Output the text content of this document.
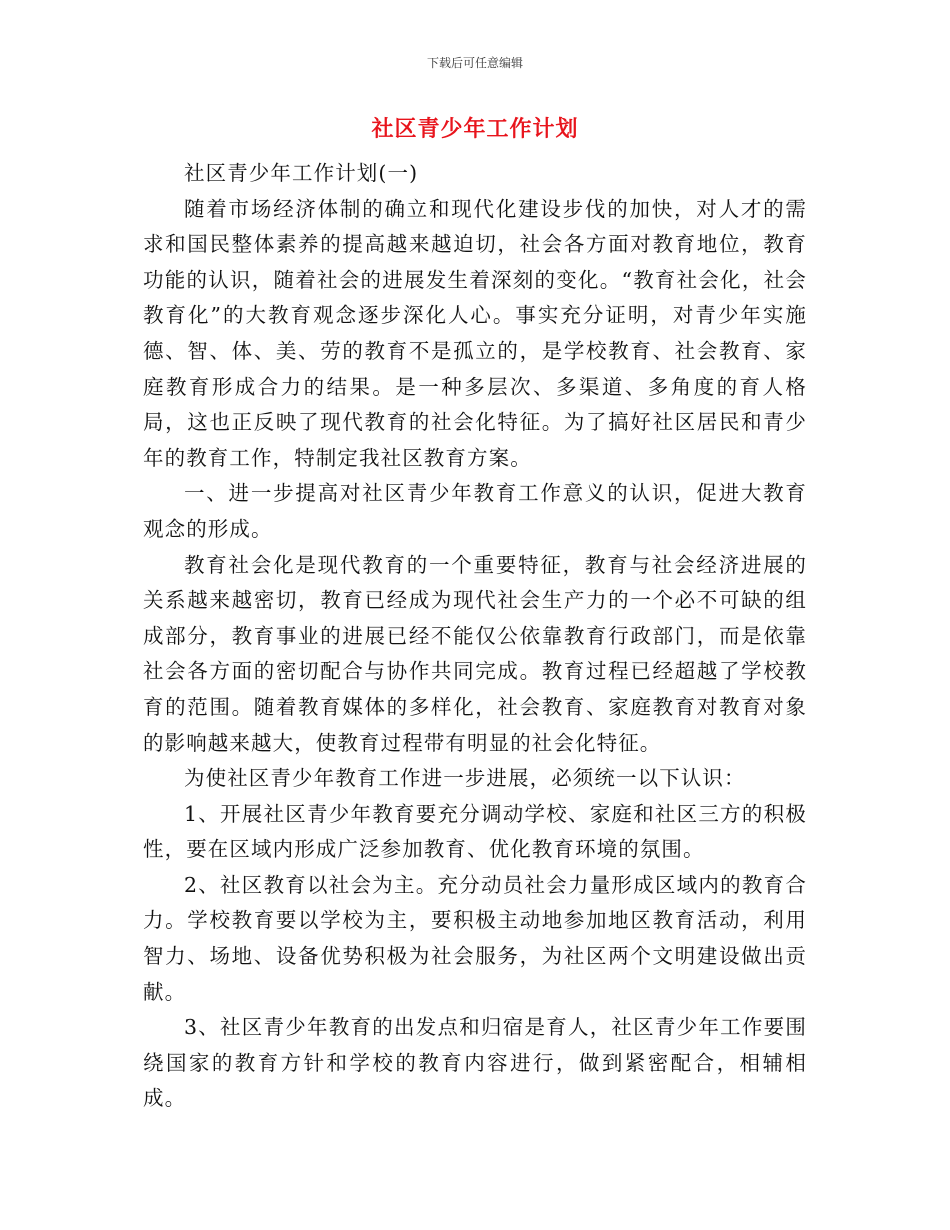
下载后可任意编辑
社区青少年工作计划

社区青少年工作计划(一)

随着市场经济体制的确立和现代化建设步伐的加快，对人才的需求和国民整体素养的提高越来越迫切，社会各方面对教育地位，教育功能的认识，随着社会的进展发生着深刻的变化。“教育社会化，社会教育化”的大教育观念逐步深化人心。事实充分证明，对青少年实施德、智、体、美、劳的教育不是孤立的，是学校教育、社会教育、家庭教育形成合力的结果。是一种多层次、多渠道、多角度的育人格局，这也正反映了现代教育的社会化特征。为了搞好社区居民和青少年的教育工作，特制定我社区教育方案。

一、进一步提高对社区青少年教育工作意义的认识，促进大教育观念的形成。

教育社会化是现代教育的一个重要特征，教育与社会经济进展的关系越来越密切，教育已经成为现代社会生产力的一个必不可缺的组成部分，教育事业的进展已经不能仅公依靠教育行政部门，而是依靠社会各方面的密切配合与协作共同完成。教育过程已经超越了学校教育的范围。随着教育媒体的多样化，社会教育、家庭教育对教育对象的影响越来越大，使教育过程带有明显的社会化特征。

为使社区青少年教育工作进一步进展，必须统一以下认识：

1、开展社区青少年教育要充分调动学校、家庭和社区三方的积极性，要在区域内形成广泛参加教育、优化教育环境的氛围。

2、社区教育以社会为主。充分动员社会力量形成区域内的教育合力。学校教育要以学校为主，要积极主动地参加地区教育活动，利用智力、场地、设备优势积极为社会服务，为社区两个文明建设做出贡献。

3、社区青少年教育的出发点和归宿是育人，社区青少年工作要围绕国家的教育方针和学校的教育内容进行，做到紧密配合，相辅相成。
